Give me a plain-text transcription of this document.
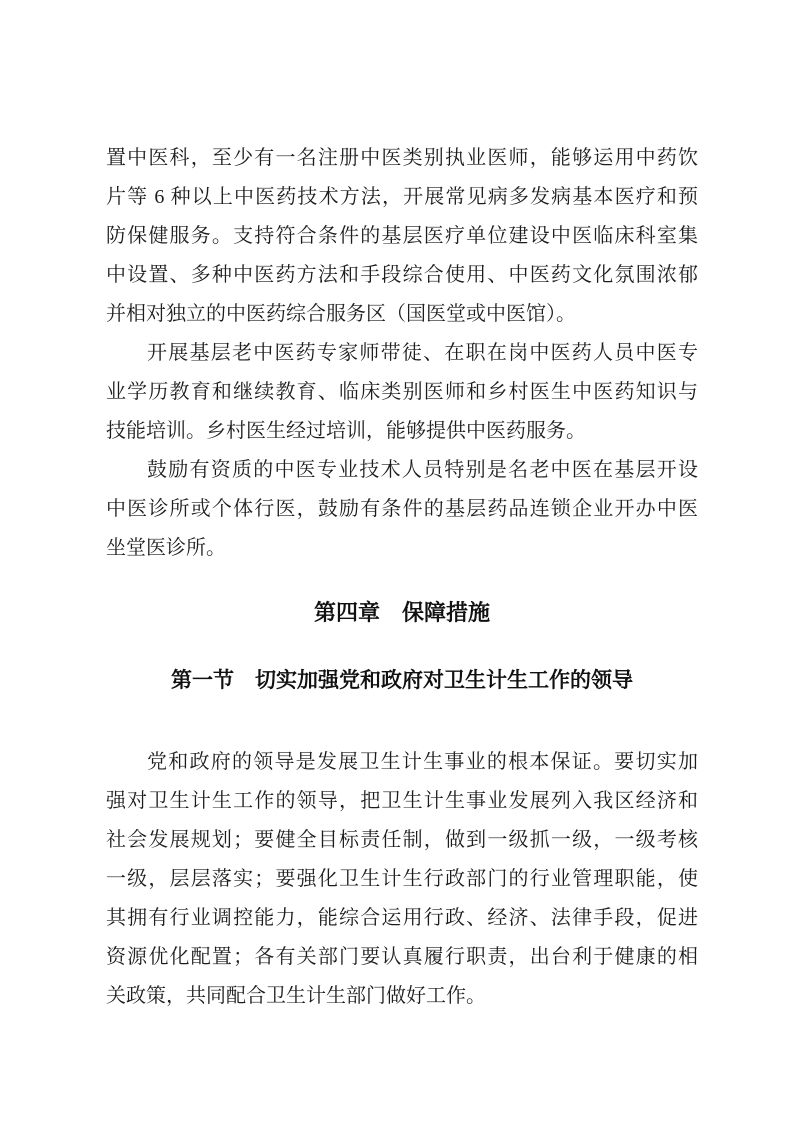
置中医科，至少有一名注册中医类别执业医师，能够运用中药饮
片等 6 种以上中医药技术方法，开展常见病多发病基本医疗和预
防保健服务。支持符合条件的基层医疗单位建设中医临床科室集
中设置、多种中医药方法和手段综合使用、中医药文化氛围浓郁
并相对独立的中医药综合服务区（国医堂或中医馆）。
开展基层老中医药专家师带徒、在职在岗中医药人员中医专
业学历教育和继续教育、临床类别医师和乡村医生中医药知识与
技能培训。乡村医生经过培训，能够提供中医药服务。
鼓励有资质的中医专业技术人员特别是名老中医在基层开设
中医诊所或个体行医，鼓励有条件的基层药品连锁企业开办中医
坐堂医诊所。
第四章　保障措施
第一节　切实加强党和政府对卫生计生工作的领导
党和政府的领导是发展卫生计生事业的根本保证。要切实加
强对卫生计生工作的领导，把卫生计生事业发展列入我区经济和
社会发展规划；要健全目标责任制，做到一级抓一级，一级考核
一级，层层落实；要强化卫生计生行政部门的行业管理职能，使
其拥有行业调控能力，能综合运用行政、经济、法律手段，促进
资源优化配置；各有关部门要认真履行职责，出台利于健康的相
关政策，共同配合卫生计生部门做好工作。
